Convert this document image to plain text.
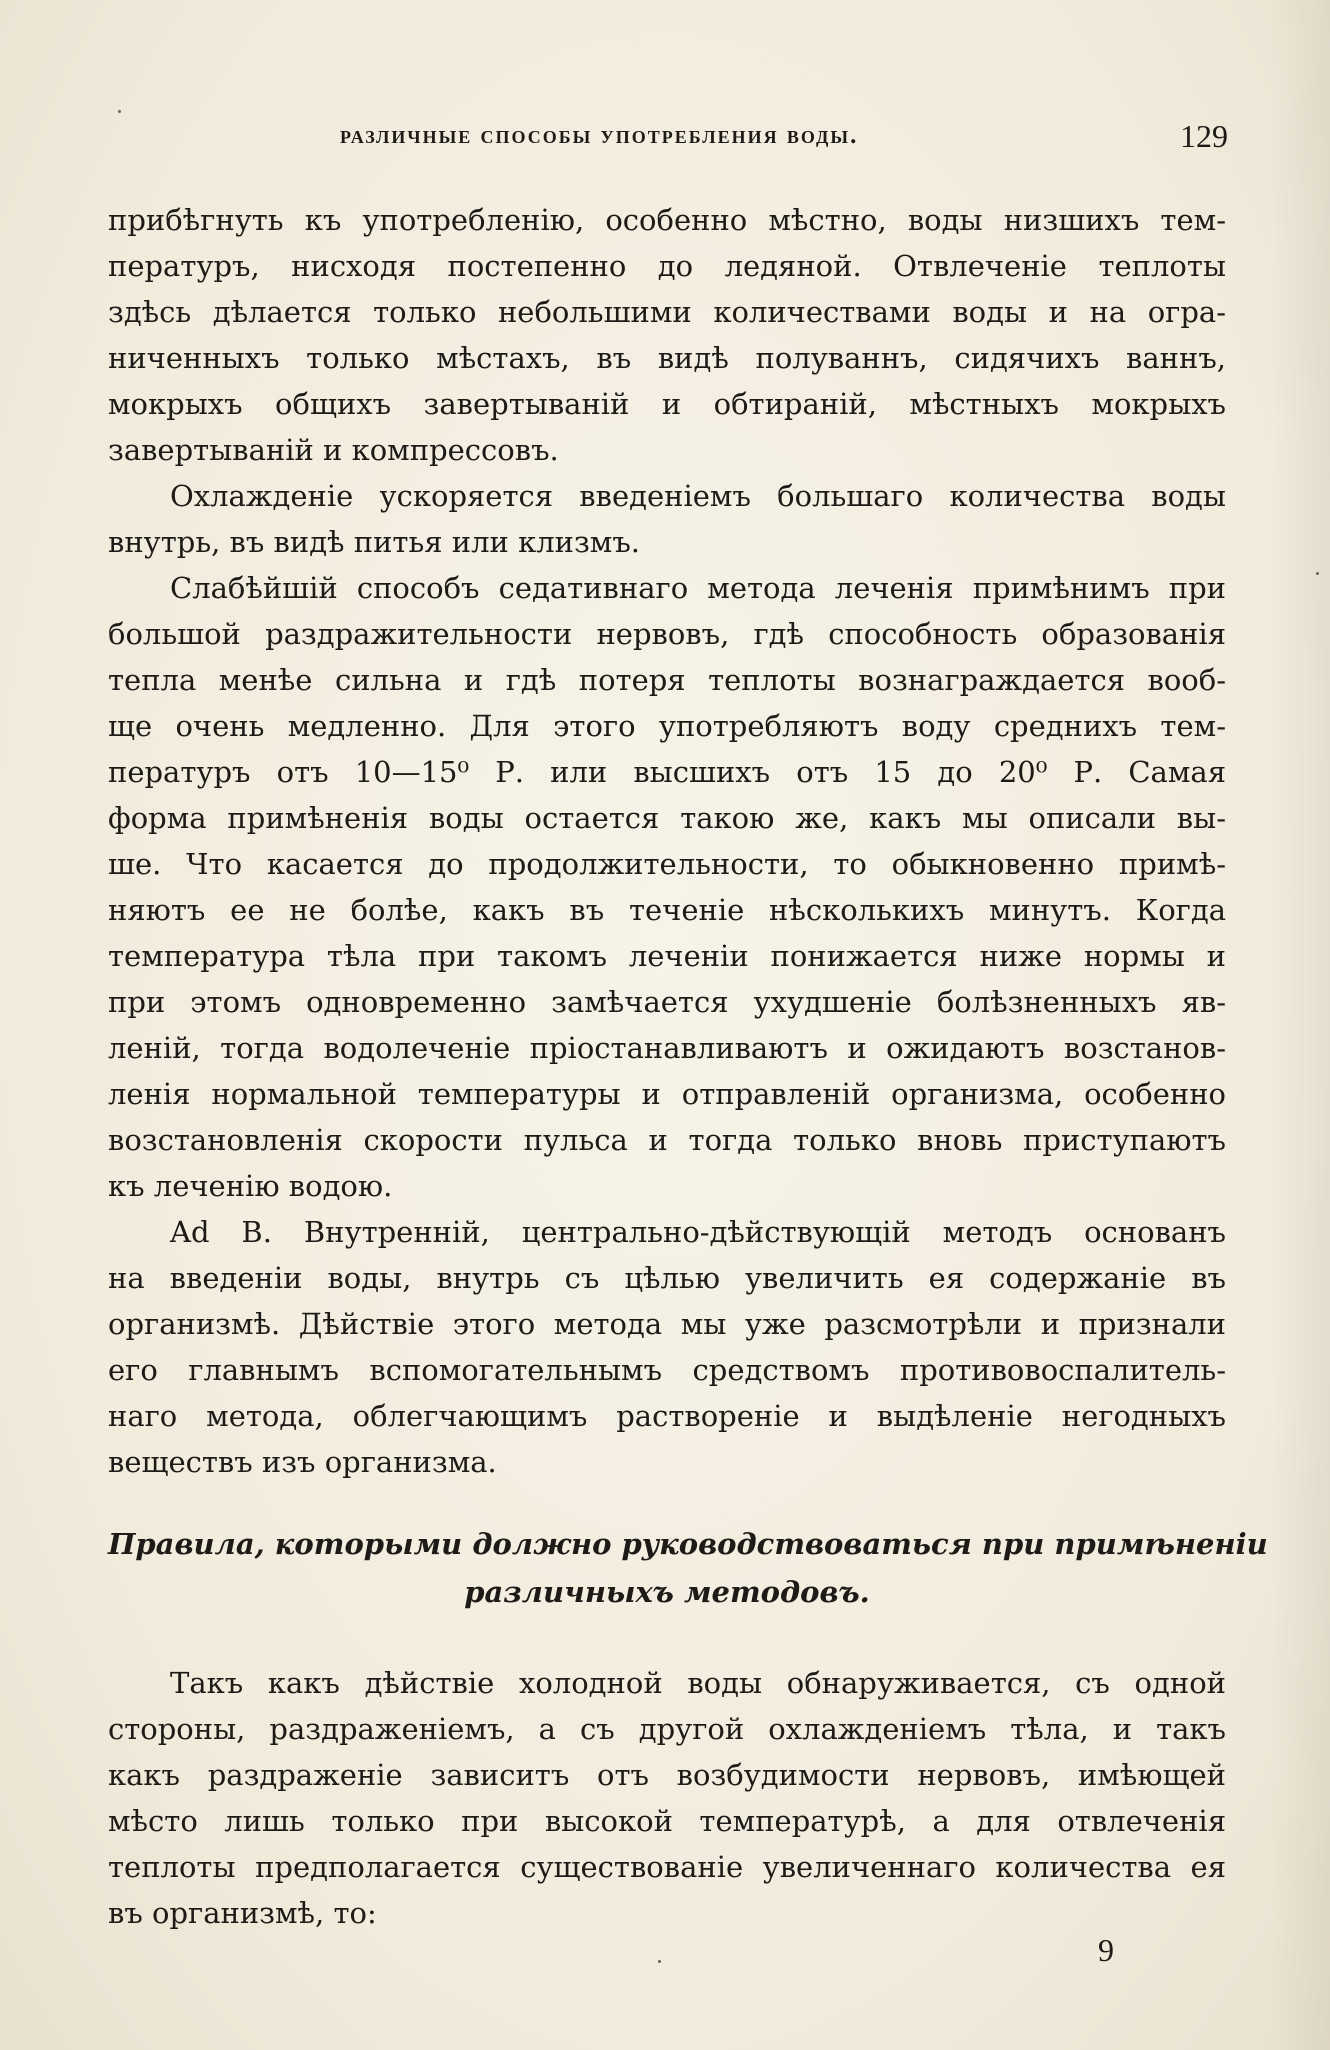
различные способы употребления воды.	129
прибѣгнуть къ употребленію, особенно мѣстно, воды низшихъ тем-
пературъ, нисходя постепенно до ледяной. Отвлеченіе теплоты
здѣсь дѣлается только небольшими количествами воды и на огра-
ниченныхъ только мѣстахъ, въ видѣ полуваннъ, сидячихъ ваннъ,
мокрыхъ общихъ завертываній и обтираній, мѣстныхъ мокрыхъ
завертываній и компрессовъ.
Охлажденіе ускоряется введеніемъ большаго количества воды
внутрь, въ видѣ питья или клизмъ.
Слабѣйшій способъ седативнаго метода леченія примѣнимъ при
большой раздражительности нервовъ, гдѣ способность образованія
тепла менѣе сильна и гдѣ потеря теплоты вознаграждается вооб-
ще очень медленно. Для этого употребляютъ воду среднихъ тем-
пературъ отъ 10—15⁰ Р. или высшихъ отъ 15 до 20⁰ Р. Самая
форма примѣненія воды остается такою же, какъ мы описали вы-
ше. Что касается до продолжительности, то обыкновенно примѣ-
няютъ ее не болѣе, какъ въ теченіе нѣсколькихъ минутъ. Когда
температура тѣла при такомъ леченіи понижается ниже нормы и
при этомъ одновременно замѣчается ухудшеніе болѣзненныхъ яв-
леній, тогда водолеченіе пріостанавливаютъ и ожидаютъ возстанов-
ленія нормальной температуры и отправленій организма, особенно
возстановленія скорости пульса и тогда только вновь приступаютъ
къ леченію водою.
Ad B. Внутренній, центрально-дѣйствующій методъ основанъ
на введеніи воды, внутрь съ цѣлью увеличить ея содержаніе въ
организмѣ. Дѣйствіе этого метода мы уже разсмотрѣли и признали
его главнымъ вспомогательнымъ средствомъ противовоспалитель-
наго метода, облегчающимъ раствореніе и выдѣленіе негодныхъ
веществъ изъ организма.
Правила, которыми должно руководствоваться при примѣненіи
различныхъ методовъ.
Такъ какъ дѣйствіе холодной воды обнаруживается, съ одной
стороны, раздраженіемъ, а съ другой охлажденіемъ тѣла, и такъ
какъ раздраженіе зависитъ отъ возбудимости нервовъ, имѣющей
мѣсто лишь только при высокой температурѣ, а для отвлеченія
теплоты предполагается существованіе увеличеннаго количества ея
въ организмѣ, то:
9
